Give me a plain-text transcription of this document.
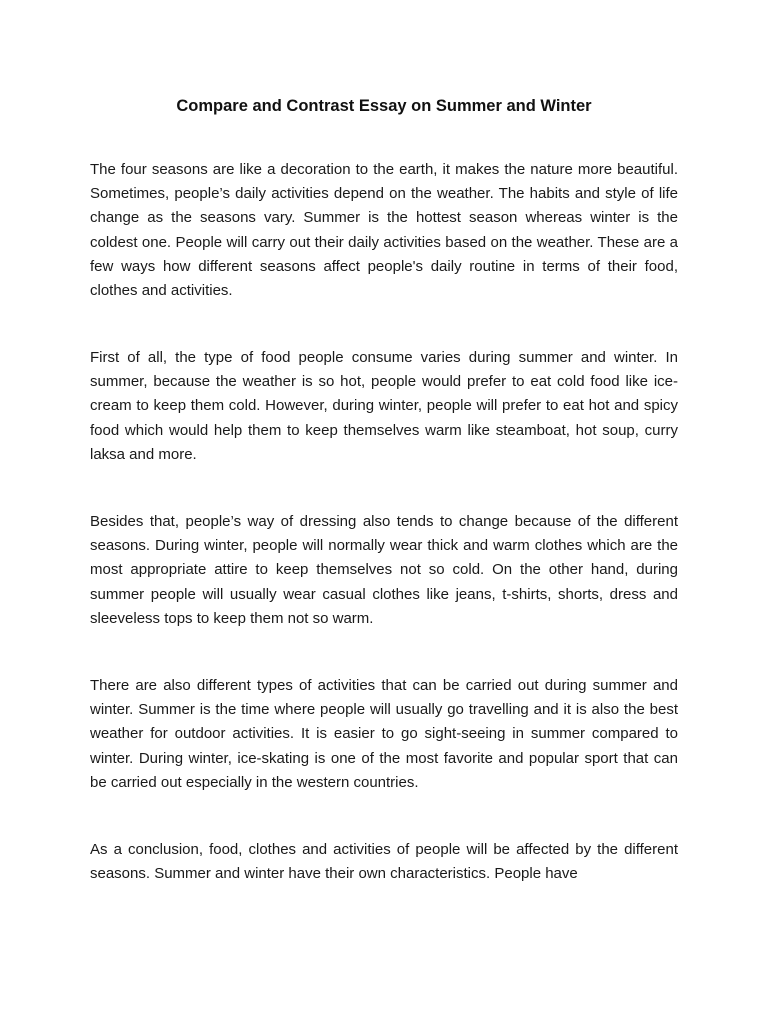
Compare and Contrast Essay on Summer and Winter

The four seasons are like a decoration to the earth, it makes the nature more beautiful. Sometimes, people’s daily activities depend on the weather. The habits and style of life change as the seasons vary. Summer is the hottest season whereas winter is the coldest one. People will carry out their daily activities based on the weather. These are a few ways how different seasons affect people's daily routine in terms of their food, clothes and activities.

First of all, the type of food people consume varies during summer and winter. In summer, because the weather is so hot, people would prefer to eat cold food like ice-cream to keep them cold. However, during winter, people will prefer to eat hot and spicy food which would help them to keep themselves warm like steamboat, hot soup, curry laksa and more.

Besides that, people’s way of dressing also tends to change because of the different seasons. During winter, people will normally wear thick and warm clothes which are the most appropriate attire to keep themselves not so cold. On the other hand, during summer people will usually wear casual clothes like jeans, t-shirts, shorts, dress and sleeveless tops to keep them not so warm.

There are also different types of activities that can be carried out during summer and winter. Summer is the time where people will usually go travelling and it is also the best weather for outdoor activities. It is easier to go sight-seeing in summer compared to winter. During winter, ice-skating is one of the most favorite and popular sport that can be carried out especially in the western countries.

As a conclusion, food, clothes and activities of people will be affected by the different seasons. Summer and winter have their own characteristics. People have
